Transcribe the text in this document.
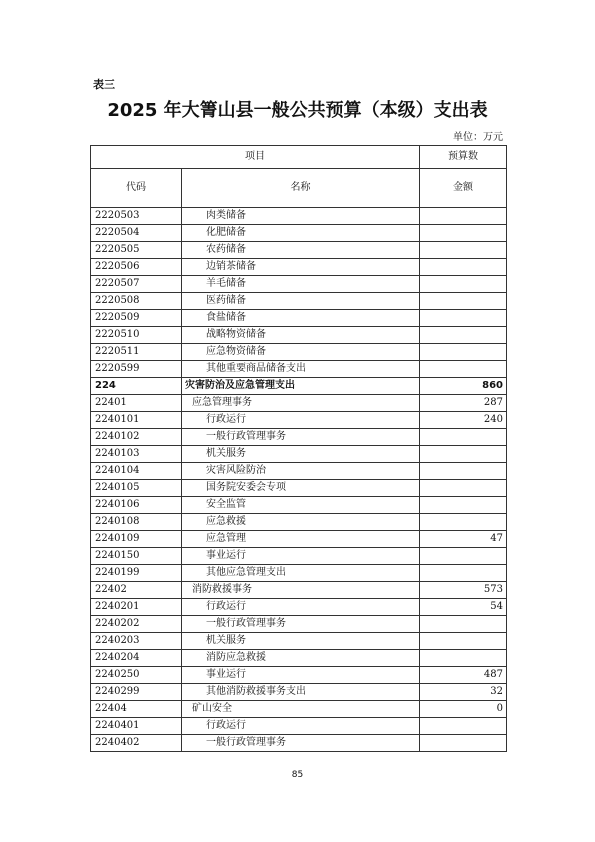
表三
2025 年大箐山县一般公共预算（本级）支出表
单位：万元
项目		预算数
代码	名称	金额
2220503	肉类储备	
2220504	化肥储备	
2220505	农药储备	
2220506	边销茶储备	
2220507	羊毛储备	
2220508	医药储备	
2220509	食盐储备	
2220510	战略物资储备	
2220511	应急物资储备	
2220599	其他重要商品储备支出	
224	灾害防治及应急管理支出	860
22401	应急管理事务	287
2240101	行政运行	240
2240102	一般行政管理事务	
2240103	机关服务	
2240104	灾害风险防治	
2240105	国务院安委会专项	
2240106	安全监管	
2240108	应急救援	
2240109	应急管理	47
2240150	事业运行	
2240199	其他应急管理支出	
22402	消防救援事务	573
2240201	行政运行	54
2240202	一般行政管理事务	
2240203	机关服务	
2240204	消防应急救援	
2240250	事业运行	487
2240299	其他消防救援事务支出	32
22404	矿山安全	0
2240401	行政运行	
2240402	一般行政管理事务	
85
